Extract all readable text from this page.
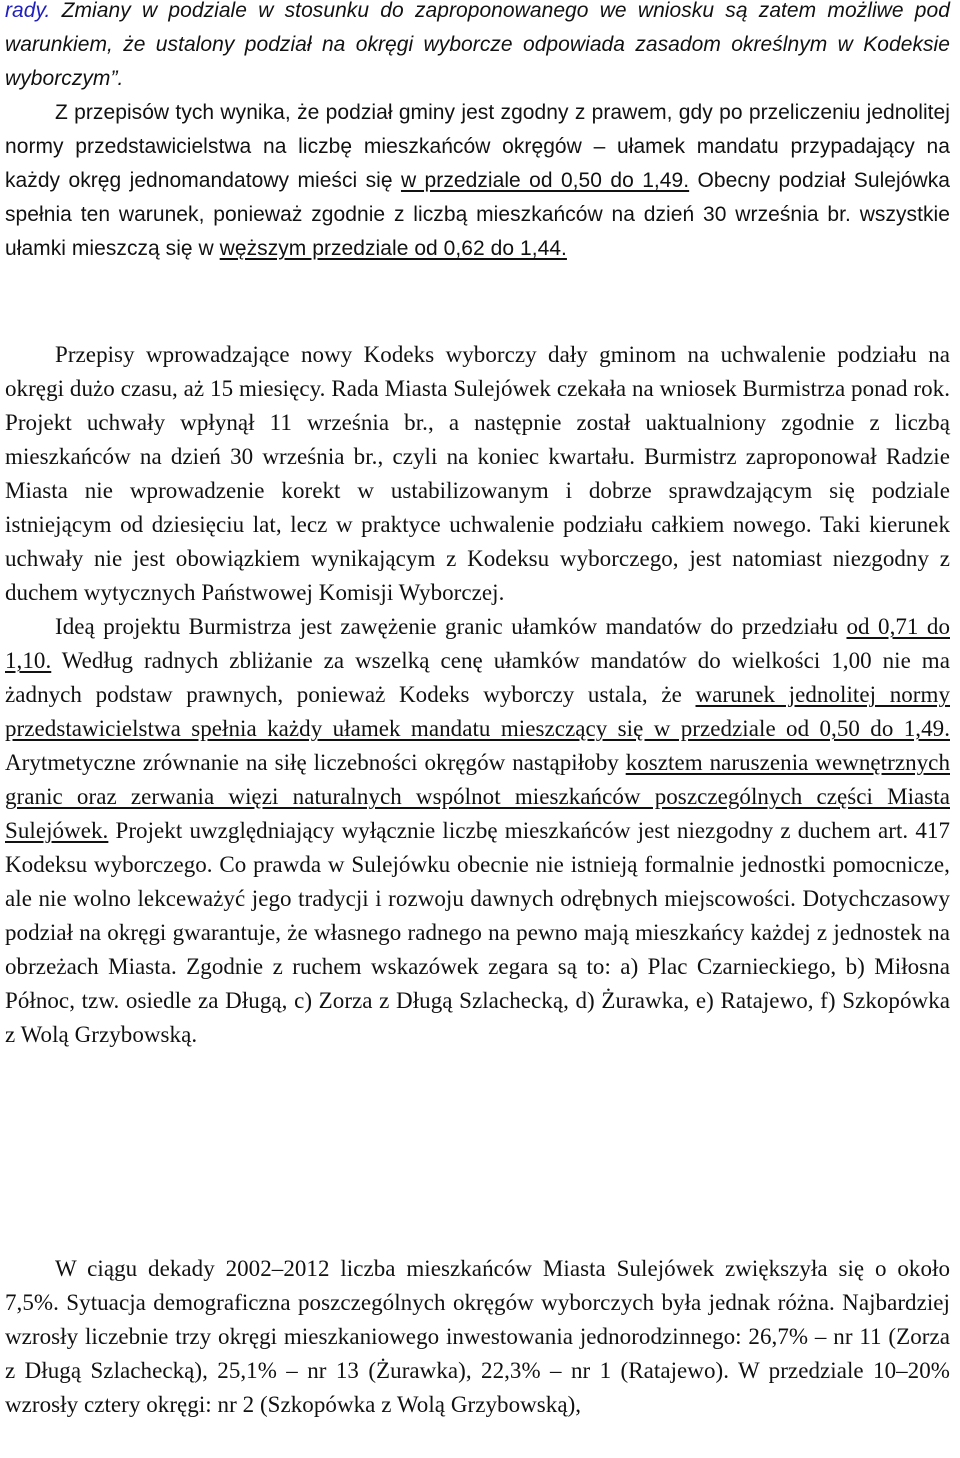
rady. Zmiany w podziale w stosunku do zaproponowanego we wniosku są zatem możliwe pod warunkiem, że ustalony podział na okręgi wyborcze odpowiada zasadom określnym w Kodeksie wyborczym”.

Z przepisów tych wynika, że podział gminy jest zgodny z prawem, gdy po przeliczeniu jednolitej normy przedstawicielstwa na liczbę mieszkańców okręgów – ułamek mandatu przypadający na każdy okręg jednomandatowy mieści się w przedziale od 0,50 do 1,49. Obecny podział Sulejówka spełnia ten warunek, ponieważ zgodnie z liczbą mieszkańców na dzień 30 września br. wszystkie ułamki mieszczą się w węższym przedziale od 0,62 do 1,44.

Przepisy wprowadzające nowy Kodeks wyborczy dały gminom na uchwalenie podziału na okręgi dużo czasu, aż 15 miesięcy. Rada Miasta Sulejówek czekała na wniosek Burmistrza ponad rok. Projekt uchwały wpłynął 11 września br., a następnie został uaktualniony zgodnie z liczbą mieszkańców na dzień 30 września br., czyli na koniec kwartału. Burmistrz zaproponował Radzie Miasta nie wprowadzenie korekt w ustabilizowanym i dobrze sprawdzającym się podziale istniejącym od dziesięciu lat, lecz w praktyce uchwalenie podziału całkiem nowego. Taki kierunek uchwały nie jest obowiązkiem wynikającym z Kodeksu wyborczego, jest natomiast niezgodny z duchem wytycznych Państwowej Komisji Wyborczej.

Ideą projektu Burmistrza jest zawężenie granic ułamków mandatów do przedziału od 0,71 do 1,10. Według radnych zbliżanie za wszelką cenę ułamków mandatów do wielkości 1,00 nie ma żadnych podstaw prawnych, ponieważ Kodeks wyborczy ustala, że warunek jednolitej normy przedstawicielstwa spełnia każdy ułamek mandatu mieszczący się w przedziale od 0,50 do 1,49. Arytmetyczne zrównanie na siłę liczebności okręgów nastąpiłoby kosztem naruszenia wewnętrznych granic oraz zerwania więzi naturalnych wspólnot mieszkańców poszczególnych części Miasta Sulejówek. Projekt uwzględniający wyłącznie liczbę mieszkańców jest niezgodny z duchem art. 417 Kodeksu wyborczego. Co prawda w Sulejówku obecnie nie istnieją formalnie jednostki pomocnicze, ale nie wolno lekceważyć jego tradycji i rozwoju dawnych odrębnych miejscowości. Dotychczasowy podział na okręgi gwarantuje, że własnego radnego na pewno mają mieszkańcy każdej z jednostek na obrzeżach Miasta. Zgodnie z ruchem wskazówek zegara są to: a) Plac Czarnieckiego, b) Miłosna Północ, tzw. osiedle za Długą, c) Zorza z Długą Szlachecką, d) Żurawka, e) Ratajewo, f) Szkopówka z Wolą Grzybowską.

W ciągu dekady 2002–2012 liczba mieszkańców Miasta Sulejówek zwiększyła się o około 7,5%. Sytuacja demograficzna poszczególnych okręgów wyborczych była jednak różna. Najbardziej wzrosły liczebnie trzy okręgi mieszkaniowego inwestowania jednorodzinnego: 26,7% – nr 11 (Zorza z Długą Szlachecką), 25,1% – nr 13 (Żurawka), 22,3% – nr 1 (Ratajewo). W przedziale 10–20% wzrosły cztery okręgi: nr 2 (Szkopówka z Wolą Grzybowską),
